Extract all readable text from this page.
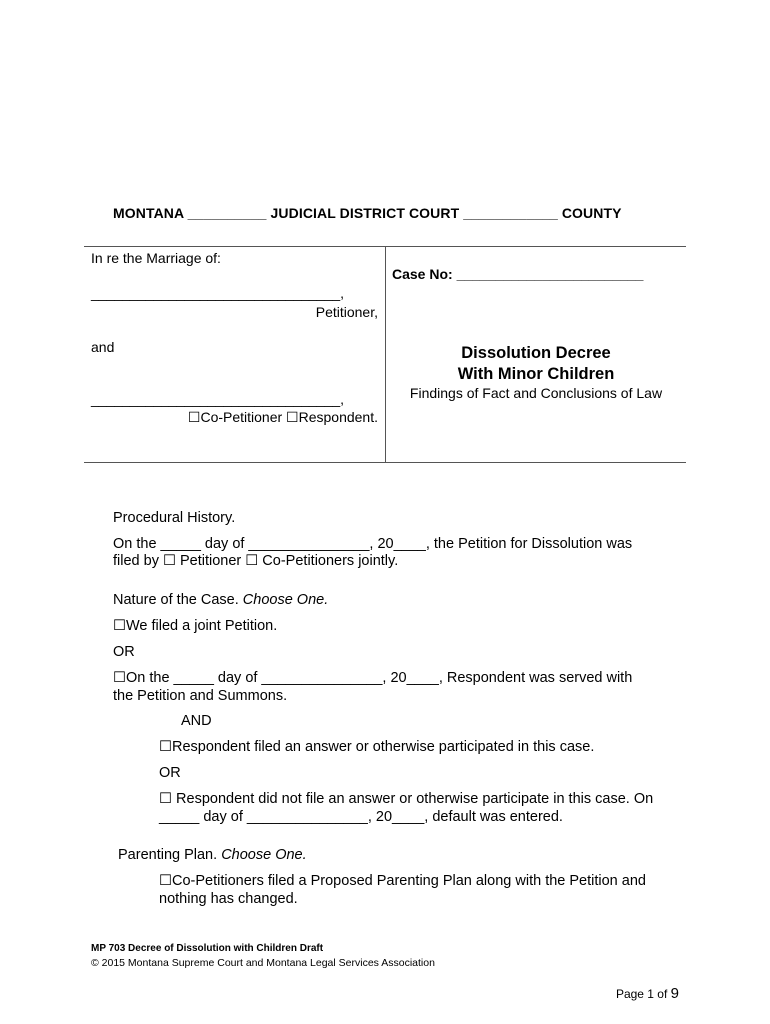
MONTANA __________ JUDICIAL DISTRICT COURT ____________ COUNTY
In re the Marriage of:
________________________________,
Petitioner,
and
________________________________,
☐Co-Petitioner ☐Respondent.
Case No: ________________________
Dissolution Decree
With Minor Children
Findings of Fact and Conclusions of Law
Procedural History.
On the _____ day of _______________, 20____, the Petition for Dissolution was
filed by ☐ Petitioner ☐ Co-Petitioners jointly.
Nature of the Case. Choose One.
☐We filed a joint Petition.
OR
☐On the _____ day of _______________, 20____, Respondent was served with
the Petition and Summons.
AND
☐Respondent filed an answer or otherwise participated in this case.
OR
☐ Respondent did not file an answer or otherwise participate in this case. On
_____ day of _______________, 20____, default was entered.
Parenting Plan. Choose One.
☐Co-Petitioners filed a Proposed Parenting Plan along with the Petition and
nothing has changed.
MP 703 Decree of Dissolution with Children Draft
© 2015 Montana Supreme Court and Montana Legal Services Association
Page 1 of 9
